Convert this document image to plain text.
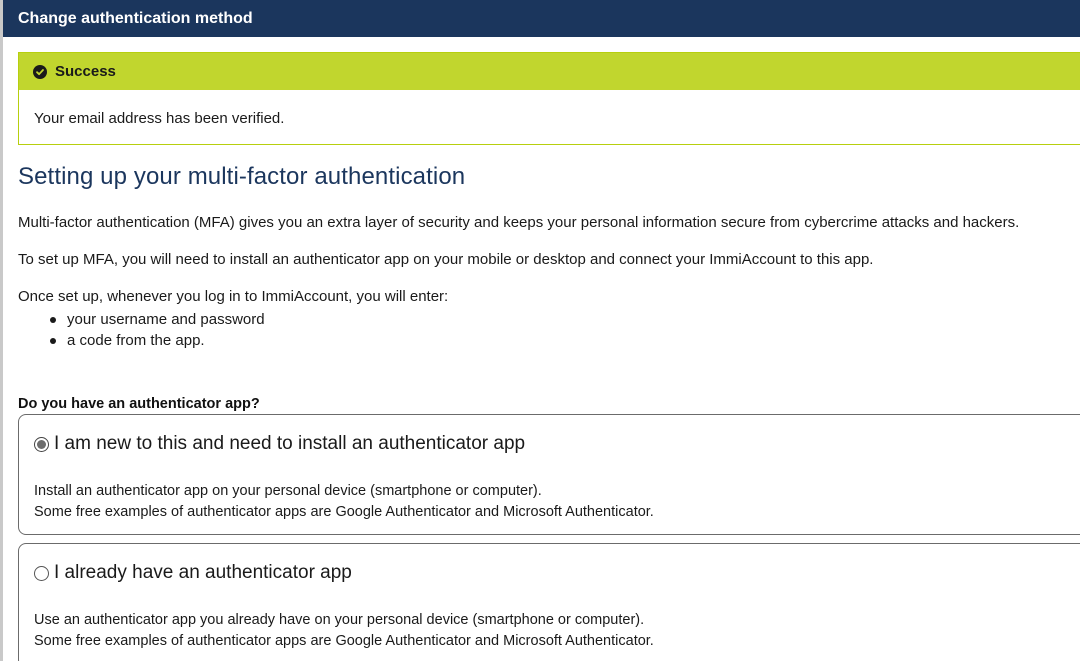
Change authentication method
Success
Your email address has been verified.
Setting up your multi-factor authentication

Multi-factor authentication (MFA) gives you an extra layer of security and keeps your personal information secure from cybercrime attacks and hackers.

To set up MFA, you will need to install an authenticator app on your mobile or desktop and connect your ImmiAccount to this app.

Once set up, whenever you log in to ImmiAccount, you will enter:

your username and password
a code from the app.
Do you have an authenticator app?
I am new to this and need to install an authenticator app
Install an authenticator app on your personal device (smartphone or computer).
Some free examples of authenticator apps are Google Authenticator and Microsoft Authenticator.
I already have an authenticator app
Use an authenticator app you already have on your personal device (smartphone or computer).
Some free examples of authenticator apps are Google Authenticator and Microsoft Authenticator.
